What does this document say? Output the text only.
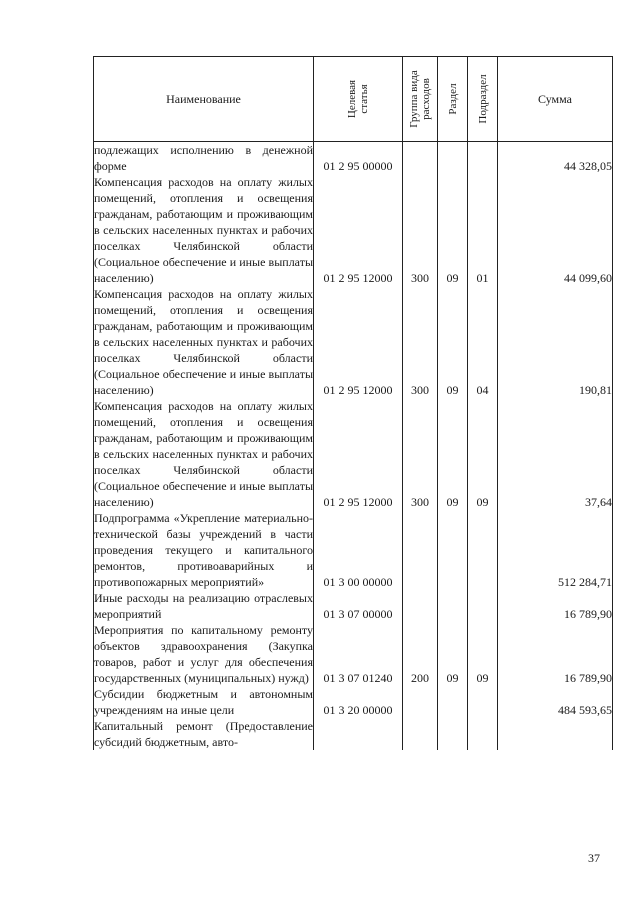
Наименование	Целевая статья	Группа вида расходов	Раздел	Подраздел	Сумма
подлежащих исполнению в денежной форме	01 2 95 00000				44 328,05
Компенсация расходов на оплату жилых помещений, отопления и освещения гражданам, работающим и проживающим в сельских населенных пунктах и рабочих поселках Челябинской области (Социальное обеспечение и иные выплаты населению)	01 2 95 12000	300	09	01	44 099,60
Компенсация расходов на оплату жилых помещений, отопления и освещения гражданам, работающим и проживающим в сельских населенных пунктах и рабочих поселках Челябинской области (Социальное обеспечение и иные выплаты населению)	01 2 95 12000	300	09	04	190,81
Компенсация расходов на оплату жилых помещений, отопления и освещения гражданам, работающим и проживающим в сельских населенных пунктах и рабочих поселках Челябинской области (Социальное обеспечение и иные выплаты населению)	01 2 95 12000	300	09	09	37,64
Подпрограмма «Укрепление материально-технической базы учреждений в части проведения текущего и капитального ремонтов, противоаварийных и противопожарных мероприятий»	01 3 00 00000				512 284,71
Иные расходы на реализацию отраслевых мероприятий	01 3 07 00000				16 789,90
Мероприятия по капитальному ремонту объектов здравоохранения (Закупка товаров, работ и услуг для обеспечения государственных (муниципальных) нужд)	01 3 07 01240	200	09	09	16 789,90
Субсидии бюджетным и автономным учреждениям на иные цели	01 3 20 00000				484 593,65
Капитальный ремонт (Предоставление субсидий бюджетным, авто-					
37
